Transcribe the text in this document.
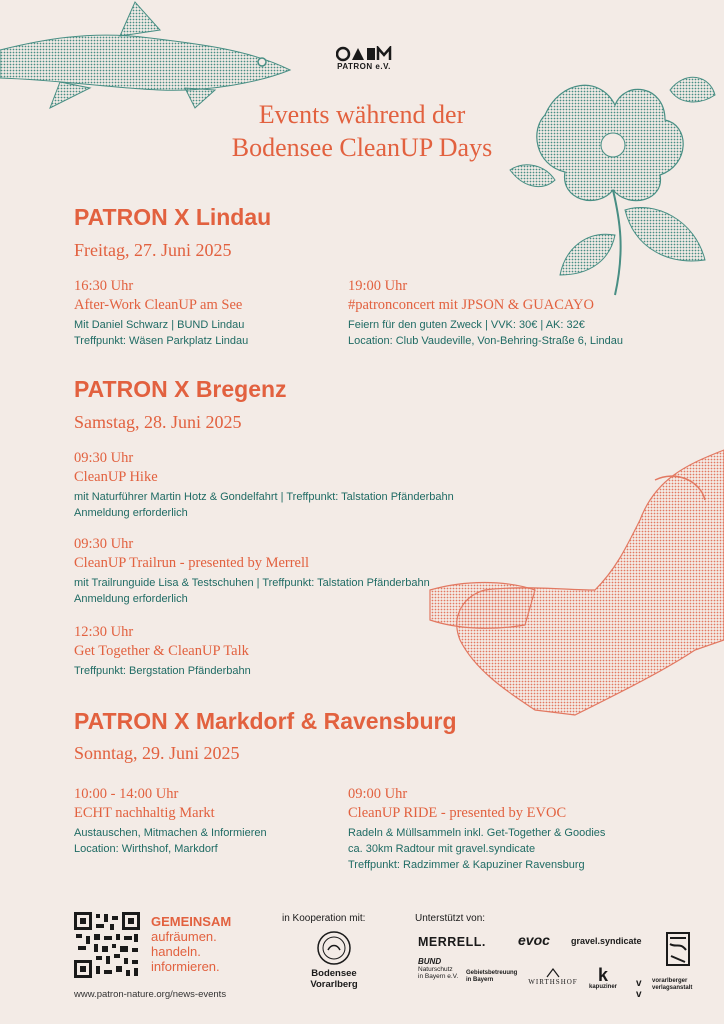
PATRON e.V.
Events während der
Bodensee CleanUP Days
PATRON X Lindau
Freitag, 27. Juni 2025
16:30 Uhr
After-Work CleanUP am See
Mit Daniel Schwarz | BUND Lindau
Treffpunkt: Wäsen Parkplatz Lindau
19:00 Uhr
#patronconcert mit JPSON & GUACAYO
Feiern für den guten Zweck | VVK: 30€ | AK: 32€
Location: Club Vaudeville, Von-Behring-Straße 6, Lindau
PATRON X Bregenz
Samstag, 28. Juni 2025
09:30 Uhr
CleanUP Hike
mit Naturführer Martin Hotz & Gondelfahrt | Treffpunkt: Talstation Pfänderbahn
Anmeldung erforderlich
09:30 Uhr
CleanUP Trailrun - presented by Merrell
mit Trailrunguide Lisa & Testschuhen | Treffpunkt: Talstation Pfänderbahn
Anmeldung erforderlich
12:30 Uhr
Get Together & CleanUP Talk
Treffpunkt: Bergstation Pfänderbahn
PATRON X Markdorf & Ravensburg
Sonntag, 29. Juni 2025
10:00 - 14:00 Uhr
ECHT nachhaltig Markt
Austauschen, Mitmachen & Informieren
Location: Wirthshof, Markdorf
09:00 Uhr
CleanUP RIDE - presented by EVOC
Radeln & Müllsammeln inkl. Get-Together & Goodies
ca. 30km Radtour mit gravel.syndicate
Treffpunkt: Radzimmer & Kapuziner Ravensburg
GEMEINSAM
aufräumen.
handeln.
informieren.
www.patron-nature.org/news-events
in Kooperation mit:
Bodensee
Vorarlberg
Unterstützt von:
MERRELL. evoc gravel.syndicate
BUND
Naturschutz
in Bayern e.V. Gebietsbetreuung
in Bayern	WIRTHSHOF	k
kapuziner v
v
vorarlberger
verlagsanstalt
